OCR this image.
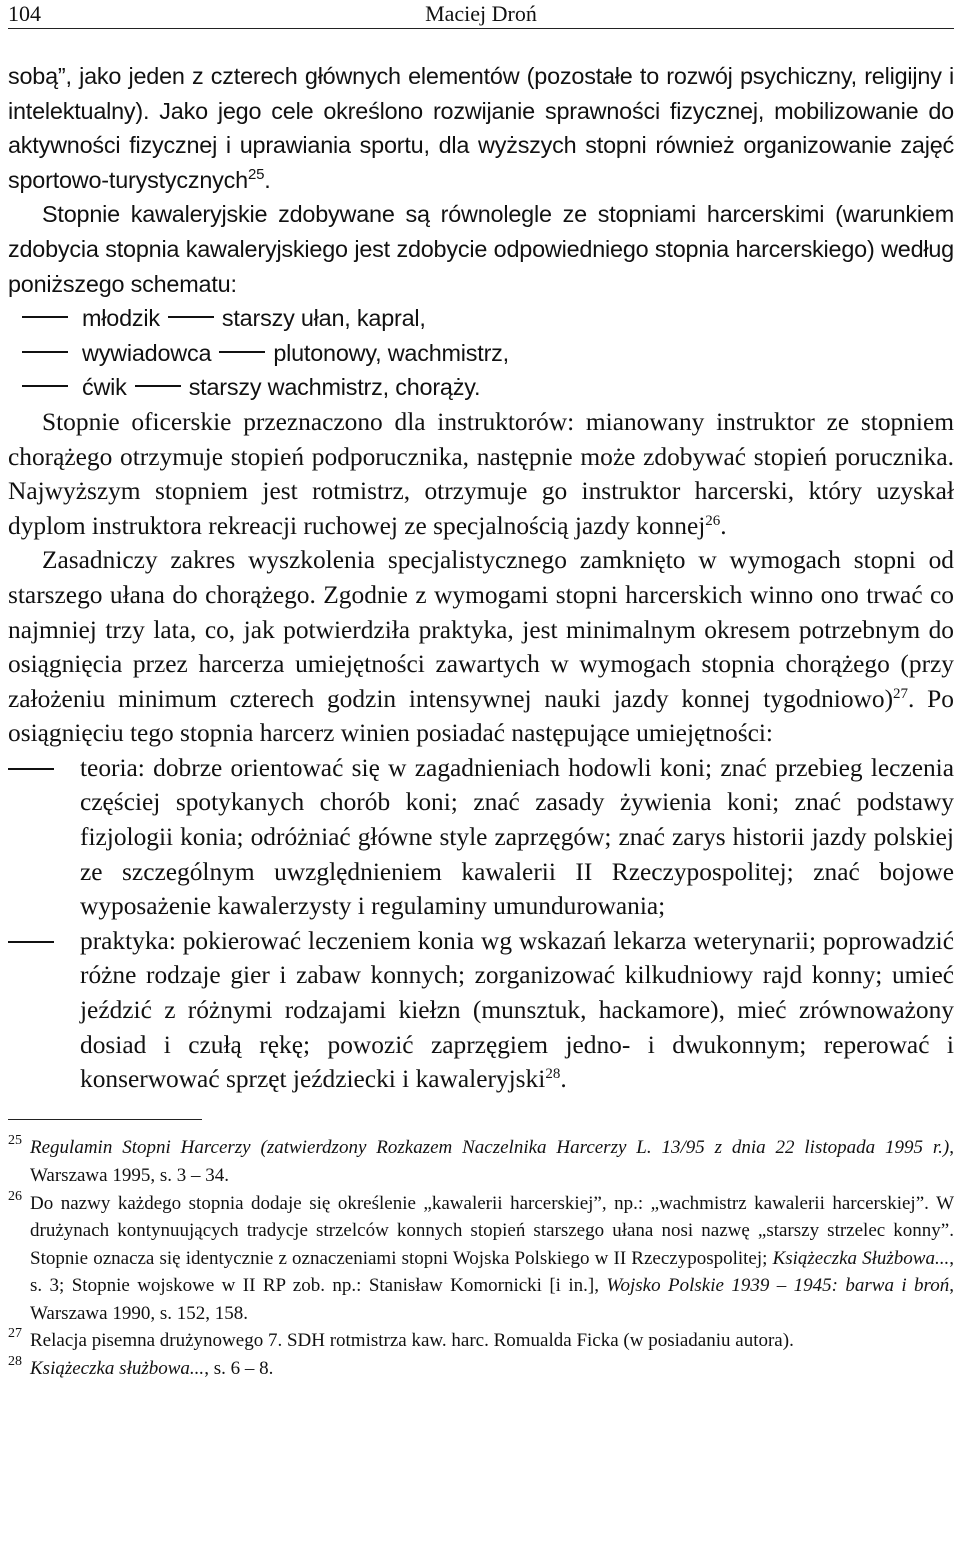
104	Maciej Droń

sobą”, jako jeden z czterech głównych elementów (pozostałe to rozwój psychiczny, religijny i intelektualny). Jako jego cele określono rozwijanie sprawności fizycznej, mobilizowanie do aktywności fizycznej i uprawiania sportu, dla wyższych stopni również organizowanie zajęć sportowo-turystycznych$^{25}$.

Stopnie kawaleryjskie zdobywane są równolegle ze stopniami harcerskimi (warunkiem zdobycia stopnia kawaleryjskiego jest zdobycie odpowiedniego stopnia harcerskiego) według poniższego schematu:

młodzik	starszy ułan, kapral,
wywiadowca	plutonowy, wachmistrz,
ćwik	starszy wachmistrz, chorąży.

Stopnie oficerskie przeznaczono dla instruktorów: mianowany instruktor ze stopniem chorążego otrzymuje stopień podporucznika, następnie może zdobywać stopień porucznika. Najwyższym stopniem jest rotmistrz, otrzymuje go instruktor harcerski, który uzyskał dyplom instruktora rekreacji ruchowej ze specjalnością jazdy konnej$^{26}$.

Zasadniczy zakres wyszkolenia specjalistycznego zamknięto w wymogach stopni od starszego ułana do chorążego. Zgodnie z wymogami stopni harcerskich winno ono trwać co najmniej trzy lata, co, jak potwierdziła praktyka, jest minimalnym okresem potrzebnym do osiągnięcia przez harcerza umiejętności zawartych w wymogach stopnia chorążego (przy założeniu minimum czterech godzin intensywnej nauki jazdy konnej tygodniowo)$^{27}$. Po osiągnięciu tego stopnia harcerz winien posiadać następujące umiejętności:

teoria: dobrze orientować się w zagadnieniach hodowli koni; znać przebieg leczenia częściej spotykanych chorób koni; znać zasady żywienia koni; znać podstawy fizjologii konia; odróżniać główne style zaprzęgów; znać zarys historii jazdy polskiej ze szczególnym uwzględnieniem kawalerii II Rzeczypospolitej; znać bojowe wyposażenie kawalerzysty i regulaminy umundurowania;
praktyka: pokierować leczeniem konia wg wskazań lekarza weterynarii; poprowadzić różne rodzaje gier i zabaw konnych; zorganizować kilkudniowy rajd konny; umieć jeździć z różnymi rodzajami kiełzn (munsztuk, hackamore), mieć zrównoważony dosiad i czułą rękę; powozić zaprzęgiem jedno- i dwukonnym; reperować i konserwować sprzęt jeździecki i kawaleryjski$^{28}$.
25 Regulamin Stopni Harcerzy (zatwierdzony Rozkazem Naczelnika Harcerzy L. 13/95 z dnia 22 listopada 1995 r.), Warszawa 1995, s. 3 – 34.
26 Do nazwy każdego stopnia dodaje się określenie „kawalerii harcerskiej”, np.: „wachmistrz kawalerii harcerskiej”. W drużynach kontynuujących tradycje strzelców konnych stopień starszego ułana nosi nazwę „starszy strzelec konny”. Stopnie oznacza się identycznie z oznaczeniami stopni Wojska Polskiego w II Rzeczypospolitej; Książeczka Służbowa..., s. 3; Stopnie wojskowe w II RP zob. np.: Stanisław Komornicki [i in.], Wojsko Polskie 1939 – 1945: barwa i broń, Warszawa 1990, s. 152, 158.
27 Relacja pisemna drużynowego 7. SDH rotmistrza kaw. harc. Romualda Ficka (w posiadaniu autora).
28 Książeczka służbowa..., s. 6 – 8.
